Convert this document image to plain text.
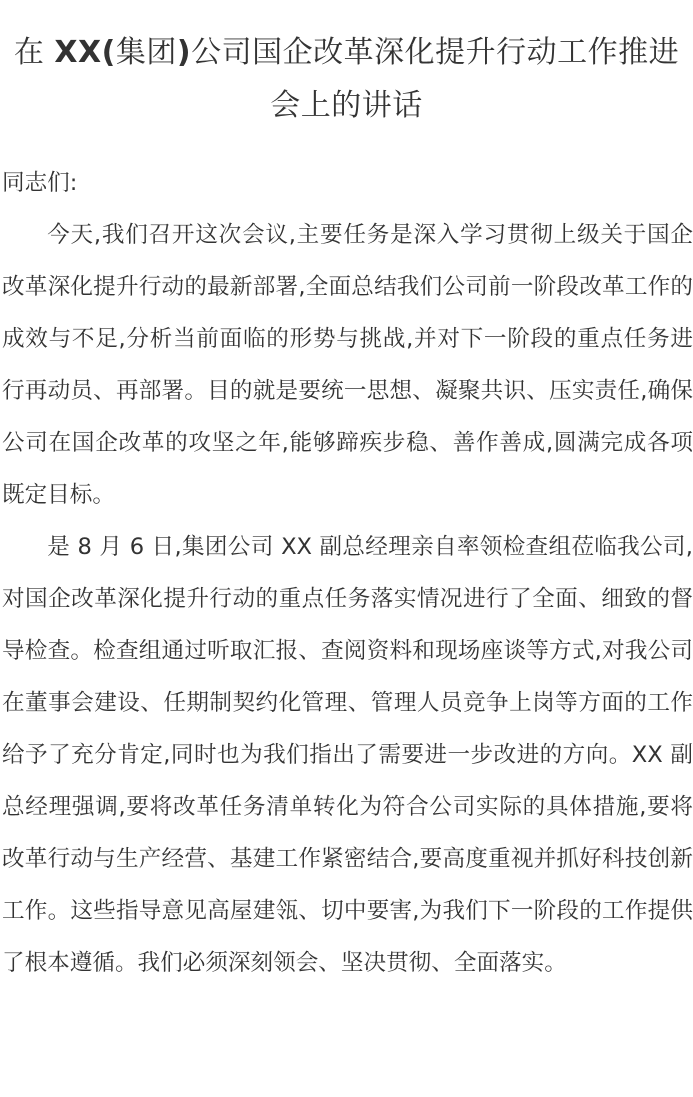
在 XX(集团)公司国企改革深化提升行动工作推进会上的讲话

同志们:

今天,我们召开这次会议,主要任务是深入学习贯彻上级关于国企改革深化提升行动的最新部署,全面总结我们公司前一阶段改革工作的成效与不足,分析当前面临的形势与挑战,并对下一阶段的重点任务进行再动员、再部署。目的就是要统一思想、凝聚共识、压实责任,确保公司在国企改革的攻坚之年,能够蹄疾步稳、善作善成,圆满完成各项既定目标。

是 8 月 6 日,集团公司 XX 副总经理亲自率领检查组莅临我公司,对国企改革深化提升行动的重点任务落实情况进行了全面、细致的督导检查。检查组通过听取汇报、查阅资料和现场座谈等方式,对我公司在董事会建设、任期制契约化管理、管理人员竞争上岗等方面的工作给予了充分肯定,同时也为我们指出了需要进一步改进的方向。XX 副总经理强调,要将改革任务清单转化为符合公司实际的具体措施,要将改革行动与生产经营、基建工作紧密结合,要高度重视并抓好科技创新工作。这些指导意见高屋建瓴、切中要害,为我们下一阶段的工作提供了根本遵循。我们必须深刻领会、坚决贯彻、全面落实。
